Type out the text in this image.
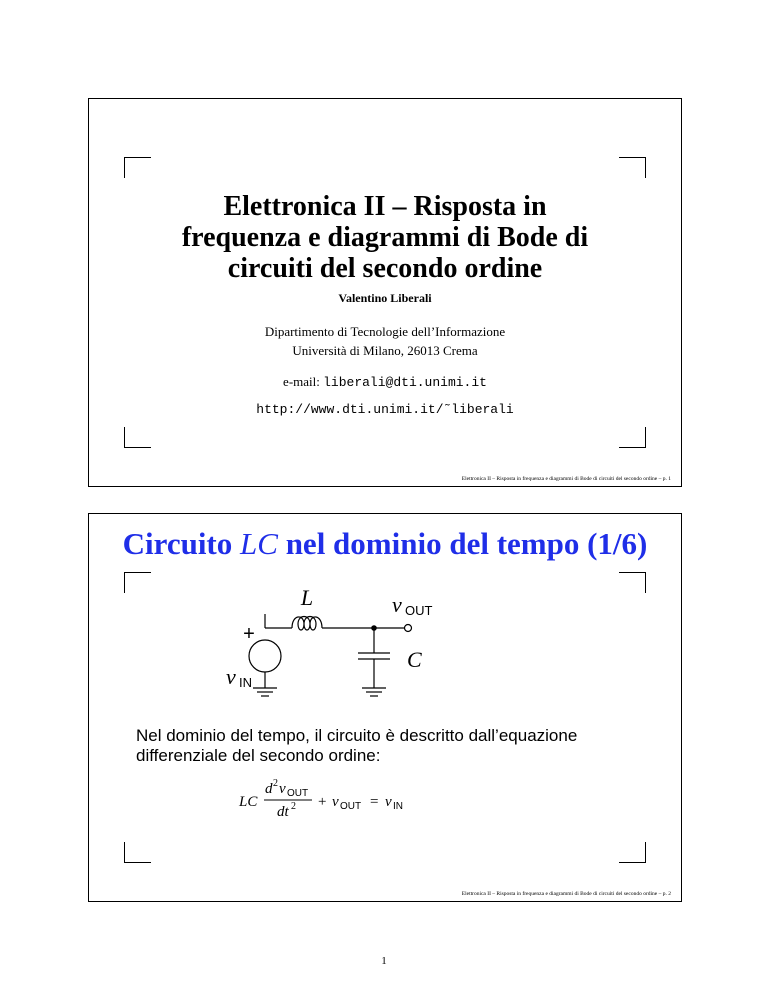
Elettronica II – Risposta in
frequenza e diagrammi di Bode di
circuiti del secondo ordine
Valentino Liberali
Dipartimento di Tecnologie dell’Informazione
Università di Milano, 26013 Crema
e-mail: liberali@dti.unimi.it
http://www.dti.unimi.it/˜liberali
Elettronica II – Risposta in frequenza e diagrammi di Bode di circuiti del secondo ordine – p. 1
Circuito LC nel dominio del tempo (1/6)
L	v OUT
+
C
v IN
Nel dominio del tempo, il circuito è descritto dall’equazione
differenziale del secondo ordine:
LC
d 2 v OUT
dt 2 + v OUT = v IN
Elettronica II – Risposta in frequenza e diagrammi di Bode di circuiti del secondo ordine – p. 2
1
